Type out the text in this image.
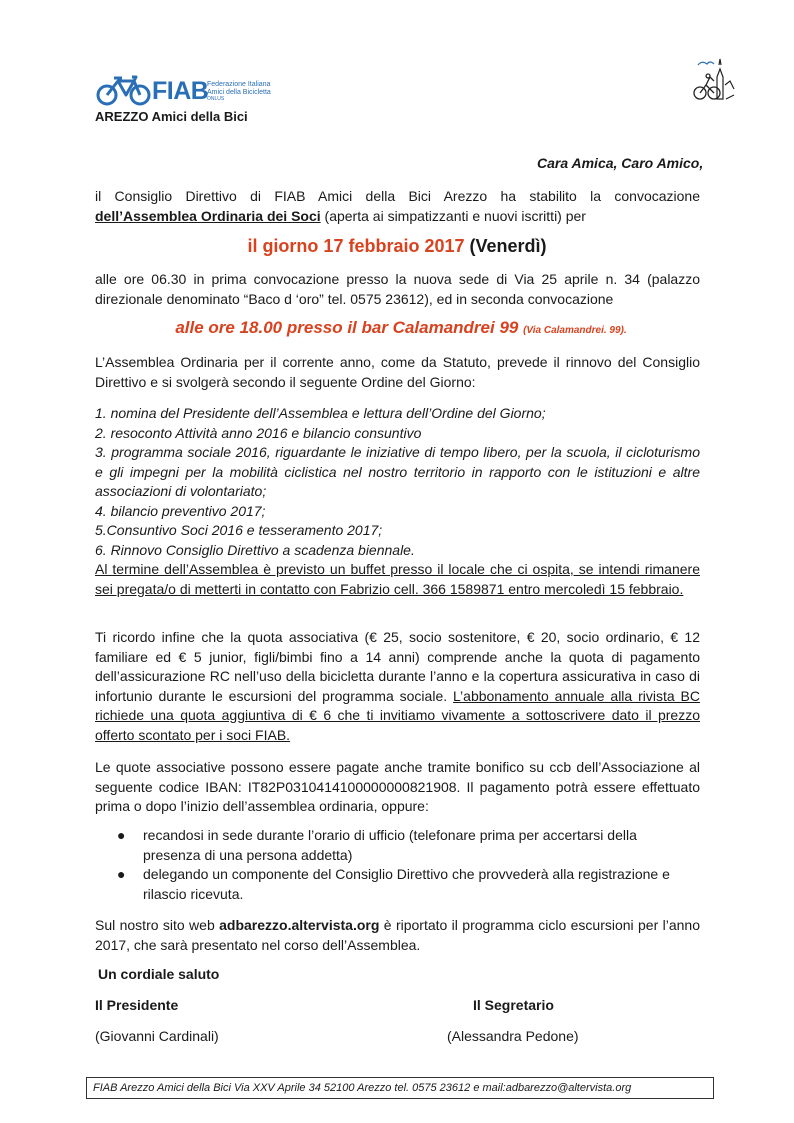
FIAB
Federazione Italiana
Amici della Bicicletta
ONLUS
AREZZO Amici della Bici
Cara Amica, Caro Amico,
il Consiglio Direttivo di FIAB Amici della Bici Arezzo ha stabilito la convocazione
dell’Assemblea Ordinaria dei Soci (aperta ai simpatizzanti e nuovi iscritti) per
il giorno 17 febbraio 2017 (Venerdì)
alle ore 06.30 in prima convocazione presso la nuova sede di Via 25 aprile n. 34 (palazzo direzionale denominato “Baco d ‘oro” tel. 0575 23612), ed in seconda convocazione
alle ore 18.00 presso il bar Calamandrei 99 (Via Calamandrei. 99).
L’Assemblea Ordinaria per il corrente anno, come da Statuto, prevede il rinnovo del Consiglio Direttivo e si svolgerà secondo il seguente Ordine del Giorno:
1. nomina del Presidente dell’Assemblea e lettura dell’Ordine del Giorno;
2. resoconto Attività anno 2016 e bilancio consuntivo
3. programma sociale 2016, riguardante le iniziative di tempo libero, per la scuola, il cicloturismo e gli impegni per la mobilità ciclistica nel nostro territorio in rapporto con le istituzioni e altre associazioni di volontariato;
4. bilancio preventivo 2017;
5.Consuntivo Soci 2016 e tesseramento 2017;
6. Rinnovo Consiglio Direttivo a scadenza biennale.
Al termine dell’Assemblea è previsto un buffet presso il locale che ci ospita, se intendi rimanere sei pregata/o di metterti in contatto con Fabrizio cell. 366 1589871 entro mercoledì 15 febbraio.
Ti ricordo infine che la quota associativa (€ 25, socio sostenitore, € 20, socio ordinario, € 12 familiare ed € 5 junior, figli/bimbi fino a 14 anni) comprende anche la quota di pagamento dell’assicurazione RC nell’uso della bicicletta durante l’anno e la copertura assicurativa in caso di infortunio durante le escursioni del programma sociale. L’abbonamento annuale alla rivista BC richiede una quota aggiuntiva di € 6 che ti invitiamo vivamente a sottoscrivere dato il prezzo offerto scontato per i soci FIAB.
Le quote associative possono essere pagate anche tramite bonifico su ccb dell’Associazione al seguente codice IBAN: IT82P0310414100000000821908. Il pagamento potrà essere effettuato prima o dopo l’inizio dell’assemblea ordinaria, oppure:
● recandosi in sede durante l’orario di ufficio (telefonare prima per accertarsi della presenza di una persona addetta)
● delegando un componente del Consiglio Direttivo che provvederà alla registrazione e rilascio ricevuta.
Sul nostro sito web adbarezzo.altervista.org è riportato il programma ciclo escursioni per l’anno 2017, che sarà presentato nel corso dell’Assemblea.
Un cordiale saluto
Il Presidente	Il Segretario
(Giovanni Cardinali)	(Alessandra Pedone)
FIAB Arezzo Amici della Bici Via XXV Aprile 34 52100 Arezzo tel. 0575 23612 e mail:adbarezzo@altervista.org
